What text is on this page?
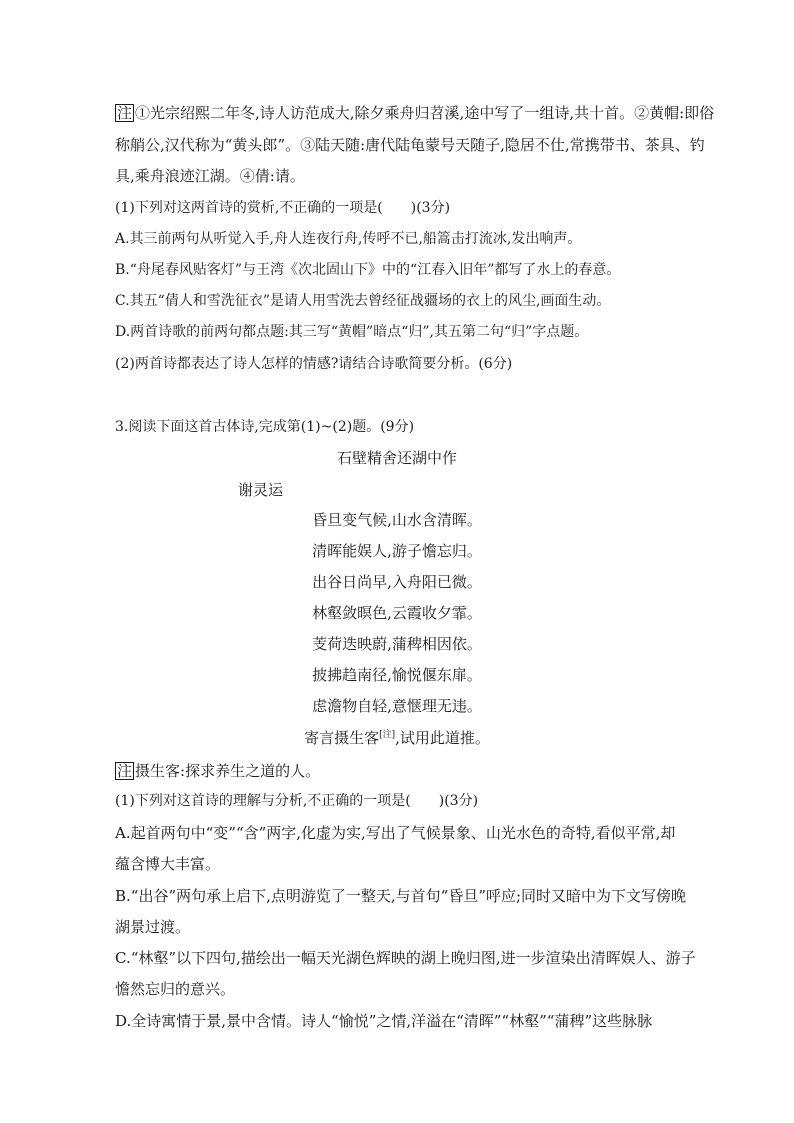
注 ①光宗绍熙二年冬,诗人访范成大,除夕乘舟归苕溪,途中写了一组诗,共十首。②黄帽:即俗
称艄公,汉代称为“黄头郎”。③陆天随:唐代陆龟蒙号天随子,隐居不仕,常携带书、茶具、钓
具,乘舟浪迹江湖。④倩:请。
(1)下列对这两首诗的赏析,不正确的一项是(　　)(3分)
A.其三前两句从听觉入手,舟人连夜行舟,传呼不已,船篙击打流冰,发出响声。
B.“舟尾春风贴客灯”与王湾《次北固山下》中的“江春入旧年”都写了水上的春意。
C.其五“倩人和雪洗征衣”是请人用雪洗去曾经征战疆场的衣上的风尘,画面生动。
D.两首诗歌的前两句都点题:其三写“黄帽”暗点“归”,其五第二句“归”字点题。
(2)两首诗都表达了诗人怎样的情感?请结合诗歌简要分析。(6分)
3.阅读下面这首古体诗,完成第(1)~(2)题。(9分)
石壁精舍还湖中作
谢灵运
昏旦变气候,山水含清晖。
清晖能娱人,游子憺忘归。
出谷日尚早,入舟阳已微。
林壑敛暝色,云霞收夕霏。
芰荷迭映蔚,蒲稗相因依。
披拂趋南径,愉悦偃东扉。
虑澹物自轻,意惬理无违。
寄言摄生客[注],试用此道推。
注 摄生客:探求养生之道的人。
(1)下列对这首诗的理解与分析,不正确的一项是(　　)(3分)
A.起首两句中“变”“含”两字,化虚为实,写出了气候景象、山光水色的奇特,看似平常,却
蕴含博大丰富。
B.“出谷”两句承上启下,点明游览了一整天,与首句“昏旦”呼应;同时又暗中为下文写傍晚
湖景过渡。
C.“林壑”以下四句,描绘出一幅天光湖色辉映的湖上晚归图,进一步渲染出清晖娱人、游子
憺然忘归的意兴。
D.全诗寓情于景,景中含情。诗人“愉悦”之情,洋溢在“清晖”“林壑”“蒲稗”这些脉脉
